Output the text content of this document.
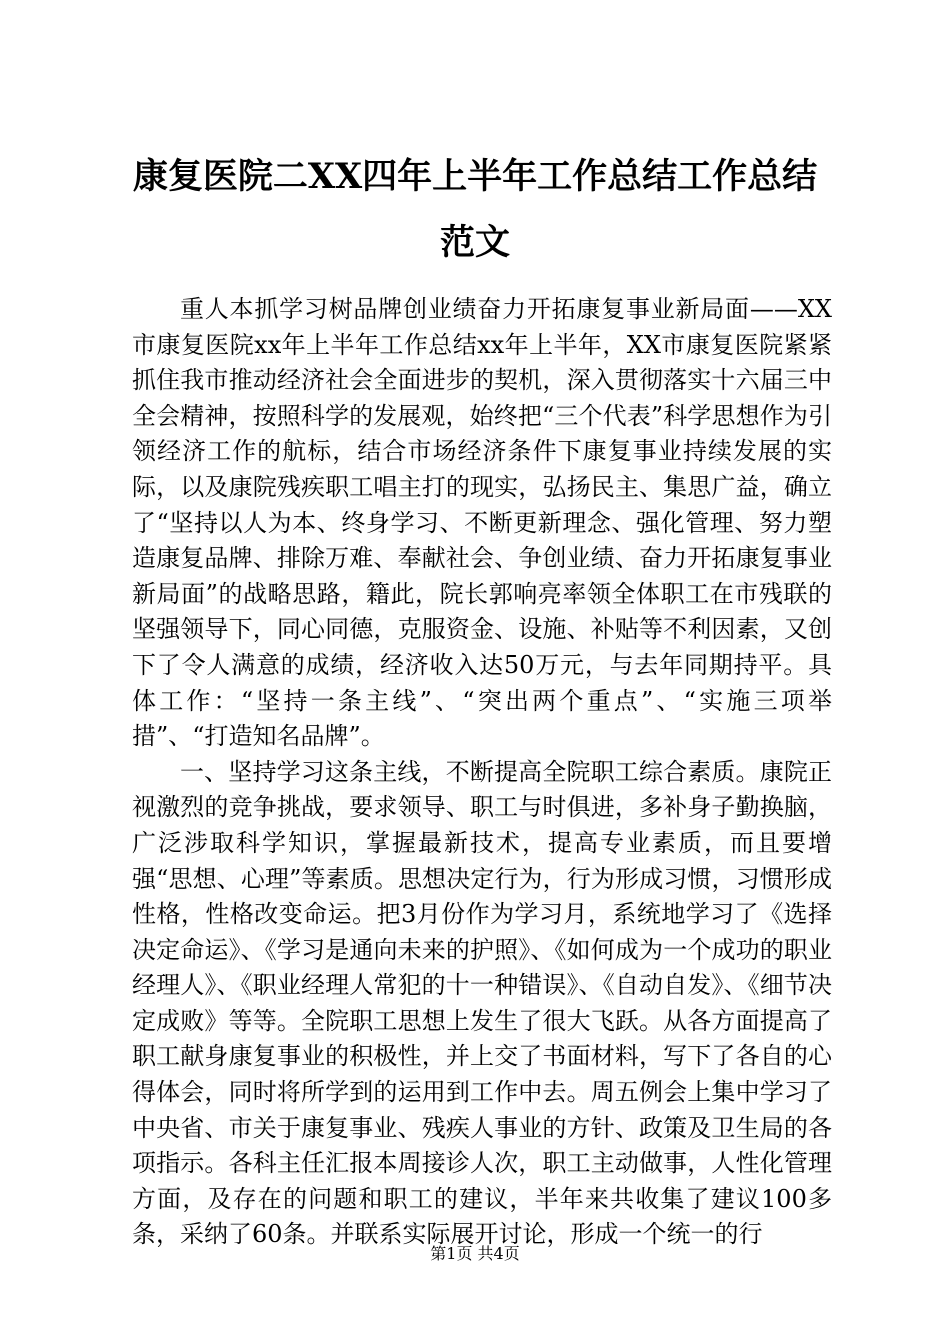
康复医院二XX四年上半年工作总结工作总结
范文

重人本抓学习树品牌创业绩奋力开拓康复事业新局面——XX市康复医院xx年上半年工作总结xx年上半年，XX市康复医院紧紧抓住我市推动经济社会全面进步的契机，深入贯彻落实十六届三中全会精神，按照科学的发展观，始终把“三个代表”科学思想作为引领经济工作的航标，结合市场经济条件下康复事业持续发展的实际，以及康院残疾职工唱主打的现实，弘扬民主、集思广益，确立了“坚持以人为本、终身学习、不断更新理念、强化管理、努力塑造康复品牌、排除万难、奉献社会、争创业绩、奋力开拓康复事业新局面”的战略思路，籍此，院长郭响亮率领全体职工在市残联的坚强领导下，同心同德，克服资金、设施、补贴等不利因素，又创下了令人满意的成绩，经济收入达50万元，与去年同期持平。具体工作：“坚持一条主线”、“突出两个重点”、“实施三项举措”、“打造知名品牌”。

一、坚持学习这条主线，不断提高全院职工综合素质。康院正视激烈的竞争挑战，要求领导、职工与时俱进，多补身子勤换脑，广泛涉取科学知识，掌握最新技术，提高专业素质，而且要增强“思想、心理”等素质。思想决定行为，行为形成习惯，习惯形成性格，性格改变命运。把3月份作为学习月，系统地学习了《选择决定命运》、《学习是通向未来的护照》、《如何成为一个成功的职业经理人》、《职业经理人常犯的十一种错误》、《自动自发》、《细节决定成败》等等。全院职工思想上发生了很大飞跃。从各方面提高了职工献身康复事业的积极性，并上交了书面材料，写下了各自的心得体会，同时将所学到的运用到工作中去。周五例会上集中学习了中央省、市关于康复事业、残疾人事业的方针、政策及卫生局的各项指示。各科主任汇报本周接诊人次，职工主动做事，人性化管理方面，及存在的问题和职工的建议，半年来共收集了建议100多条，采纳了60条。并联系实际展开讨论，形成一个统一的行

第1页 共4页
